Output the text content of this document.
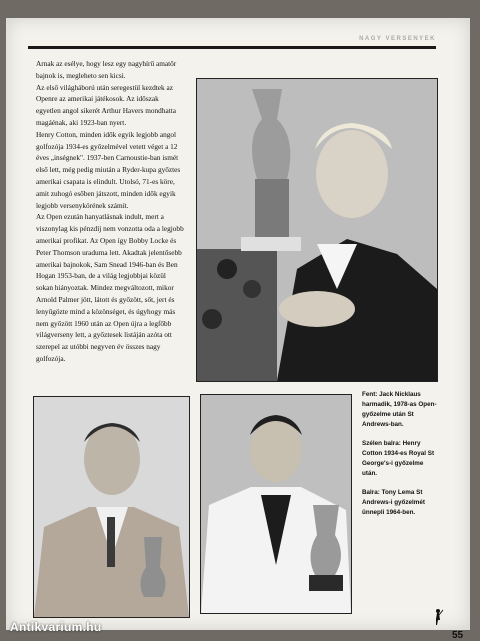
NAGY VERSENYEK

Arnak az esélye, hogy lesz egy nagyhírű amatőr bajnok is, megleheto sen kicsi.

Az első világháború után seregestül kezdtek az Openre az amerikai játékosok. Az időszak egyetlen angol sikerét Arthur Havers mondhatta magáénak, aki 1923-ban nyert.

Henry Cotton, minden idők egyik legjobb angol golfozója 1934-es győzelmével vetett véget a 12 éves „inségnek". 1937-ben Carnoustie-ban ismét első lett, még pedig miután a Ryder-kupa győztes amerikai csapata is elindult. Utolsó, 71-es köre, amit zuhogó esőben játszott, minden idők egyik legjobb versenykörének számít.

Az Open ezután hanyatlásnak indult, mert a viszonylag kis pénzdíj nem vonzotta oda a legjobb amerikai profikat. Az Open így Bobby Locke és Peter Thomson uraduma lett. Akadtak jelentősebb amerikai bajnokok, Sam Snead 1946-ban és Ben Hogan 1953-ban, de a világ legjobbjai közül sokan hiányoztak. Mindez megváltozott, mikor Arnold Palmer jött, látott és győzött, sőt, jert és lenyűgözte mind a közönséget, és úgyhogy más nem győzött 1960 után az Open újra a legfőbb világverseny lett, a győztesek listáján azóta ott szerepel az utóbbi negyven év összes nagy golfozója.

Fent: Jack Nicklaus harmadik, 1978-as Open-győzelme után St Andrews-ban.

Szélen balra: Henry Cotton 1934-es Royal St George's-i győzelme után.

Balra: Tony Lema St Andrews-i győzelmét ünnepli 1964-ben.

55
Antikvarium.hu
